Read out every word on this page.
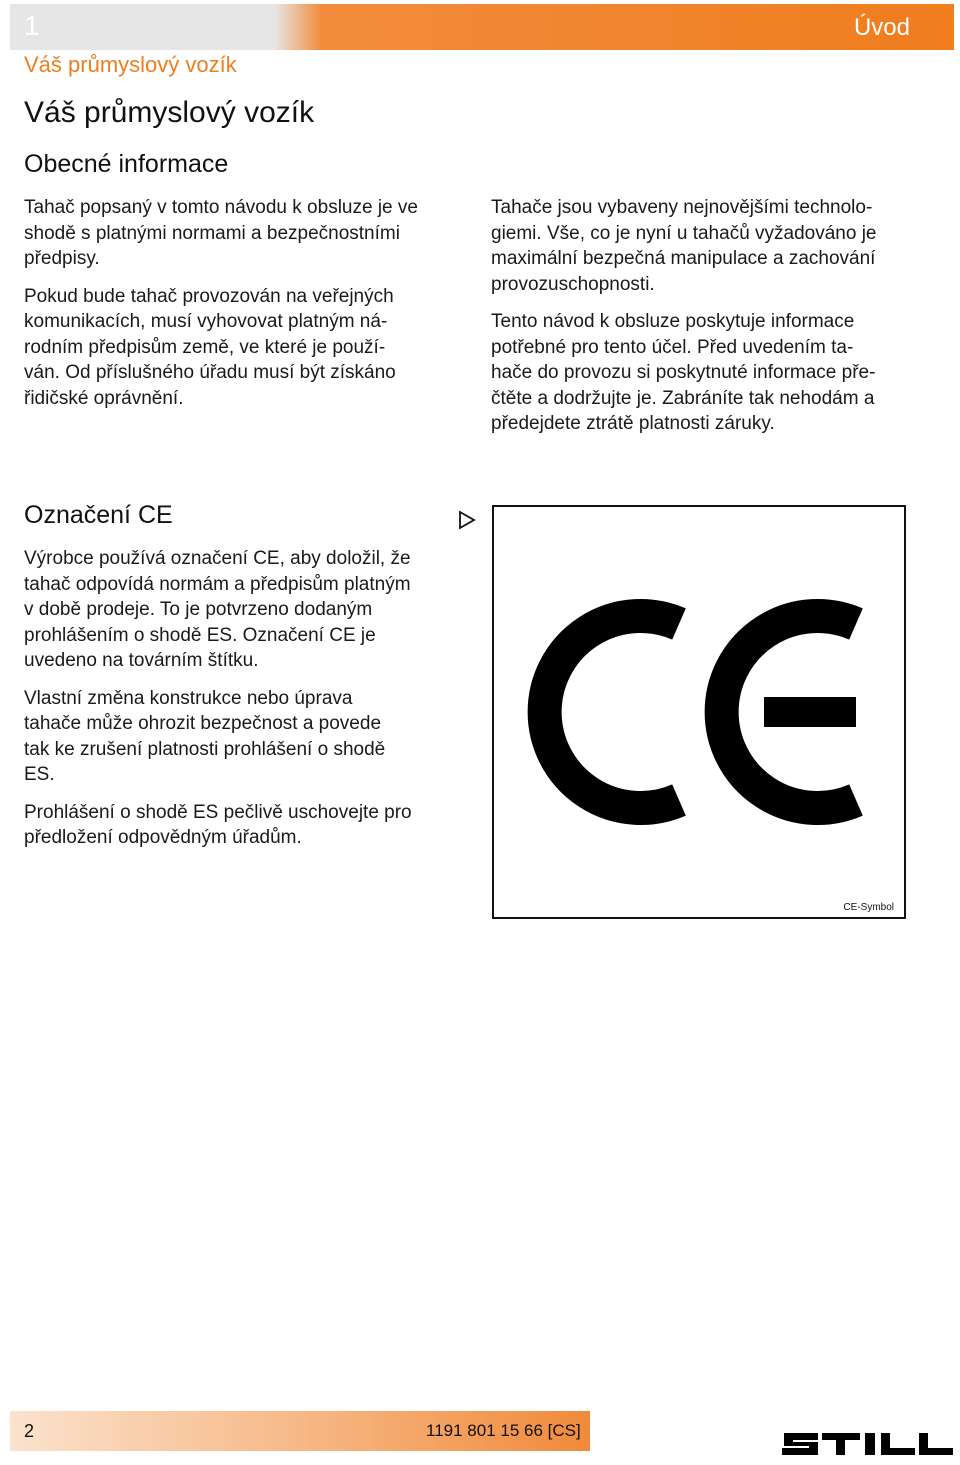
1	Úvod
Váš průmyslový vozík
Váš průmyslový vozík
Obecné informace

Tahač popsaný v tomto návodu k obsluze je ve
shodě s platnými normami a bezpečnostními
předpisy.

Pokud bude tahač provozován na veřejných
komunikacích, musí vyhovovat platným ná-
rodním předpisům země, ve které je použí-
ván. Od příslušného úřadu musí být získáno
řidičské oprávnění.

Tahače jsou vybaveny nejnovějšími technolo-
giemi. Vše, co je nyní u tahačů vyžadováno je
maximální bezpečná manipulace a zachování
provozuschopnosti.

Tento návod k obsluze poskytuje informace
potřebné pro tento účel. Před uvedením ta-
hače do provozu si poskytnuté informace pře-
čtěte a dodržujte je. Zabráníte tak nehodám a
předejdete ztrátě platnosti záruky.

Označení CE

Výrobce používá označení CE, aby doložil, že
tahač odpovídá normám a předpisům platným
v době prodeje. To je potvrzeno dodaným
prohlášením o shodě ES. Označení CE je
uvedeno na továrním štítku.

Vlastní změna konstrukce nebo úprava
tahače může ohrozit bezpečnost a povede
tak ke zrušení platnosti prohlášení o shodě
ES.

Prohlášení o shodě ES pečlivě uschovejte pro
předložení odpovědným úřadům.

CE-Symbol
2	1191 801 15 66 [CS]
